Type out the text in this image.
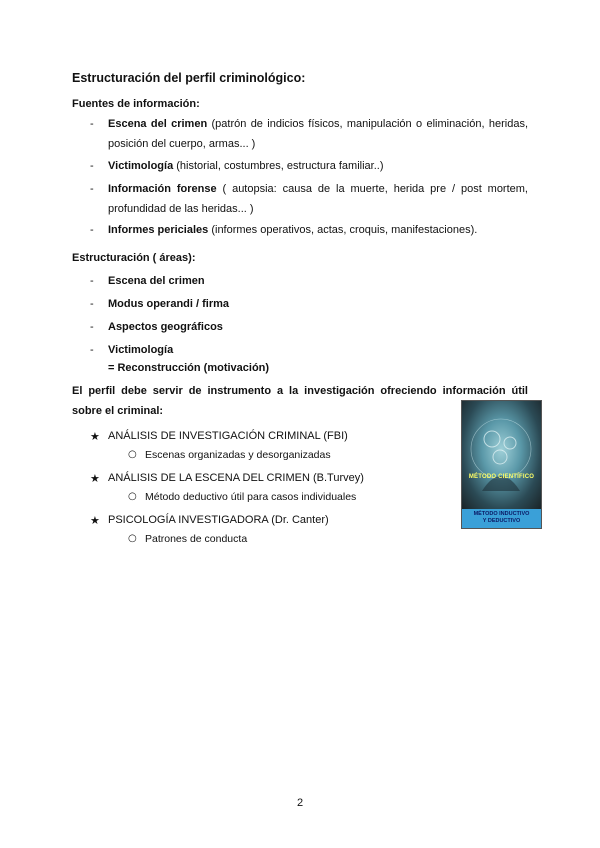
Estructuración del perfil criminológico:
Fuentes de información:
- Escena del crimen (patrón de indicios físicos, manipulación o eliminación, heridas, posición del cuerpo, armas... )
- Victimología (historial, costumbres, estructura familiar..)
- Información forense ( autopsia: causa de la muerte, herida pre / post mortem, profundidad de las heridas... )
- Informes periciales (informes operativos, actas, croquis, manifestaciones).
Estructuración ( áreas):
- Escena del crimen
- Modus operandi / firma
- Aspectos geográficos
- Victimología
= Reconstrucción (motivación)
El perfil debe servir de instrumento a la investigación ofreciendo información útil sobre el criminal:
★ ANÁLISIS DE INVESTIGACIÓN CRIMINAL (FBI)
○ Escenas organizadas y desorganizadas
★ ANÁLISIS DE LA ESCENA DEL CRIMEN (B.Turvey)
○ Método deductivo útil para casos individuales
★ PSICOLOGÍA INVESTIGADORA (Dr. Canter)
○ Patrones de conducta
MÉTODO CIENTÍFICO
MÉTODO INDUCTIVO
Y DEDUCTIVO
2
